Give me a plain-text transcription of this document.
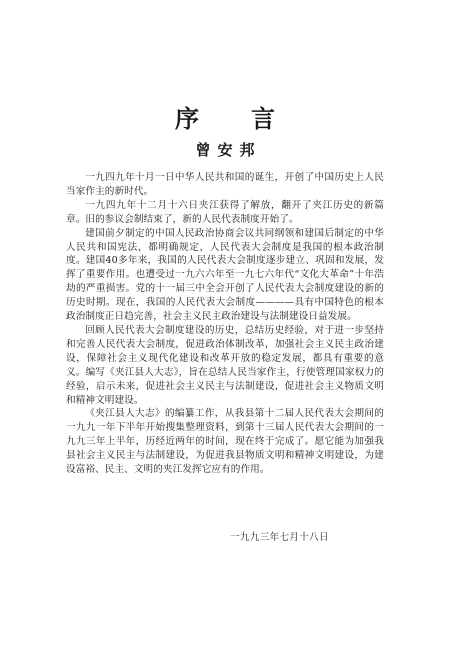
序言
曾安邦

一九四九年十月一日中华人民共和国的诞生，开创了中国历史上人民当家作主的新时代。

一九四九年十二月十六日夹江获得了解放，翻开了夹江历史的新篇章。旧的参议会制结束了，新的人民代表制度开始了。

建国前夕制定的中国人民政治协商会议共同纲领和建国后制定的中华人民共和国宪法，都明确规定，人民代表大会制度是我国的根本政治制度。建国40多年来，我国的人民代表大会制度逐步建立、巩固和发展，发挥了重要作用。也遭受过一九六六年至一九七六年代“文化大革命”十年浩劫的严重损害。党的十一届三中全会开创了人民代表大会制度建设的新的历史时期。现在，我国的人民代表大会制度————具有中国特色的根本政治制度正日趋完善，社会主义民主政治建设与法制建设日益发展。

回顾人民代表大会制度建设的历史，总结历史经验，对于进一步坚持和完善人民代表大会制度，促进政治体制改革，加强社会主义民主政治建设，保障社会主义现代化建设和改革开放的稳定发展，都具有重要的意义。编写《夹江县人大志》，旨在总结人民当家作主，行使管理国家权力的经验，启示未来，促进社会主义民主与法制建设，促进社会主义物质文明和精神文明建设。

《夹江县人大志》的编纂工作，从我县第十二届人民代表大会期间的一九九一年下半年开始搜集整理资料，到第十三届人民代表大会期间的一九九三年上半年，历经近两年的时间，现在终于完成了。愿它能为加强我县社会主义民主与法制建设，为促进我县物质文明和精神文明建设，为建设富裕、民主、文明的夹江发挥它应有的作用。

一九九三年七月十八日
